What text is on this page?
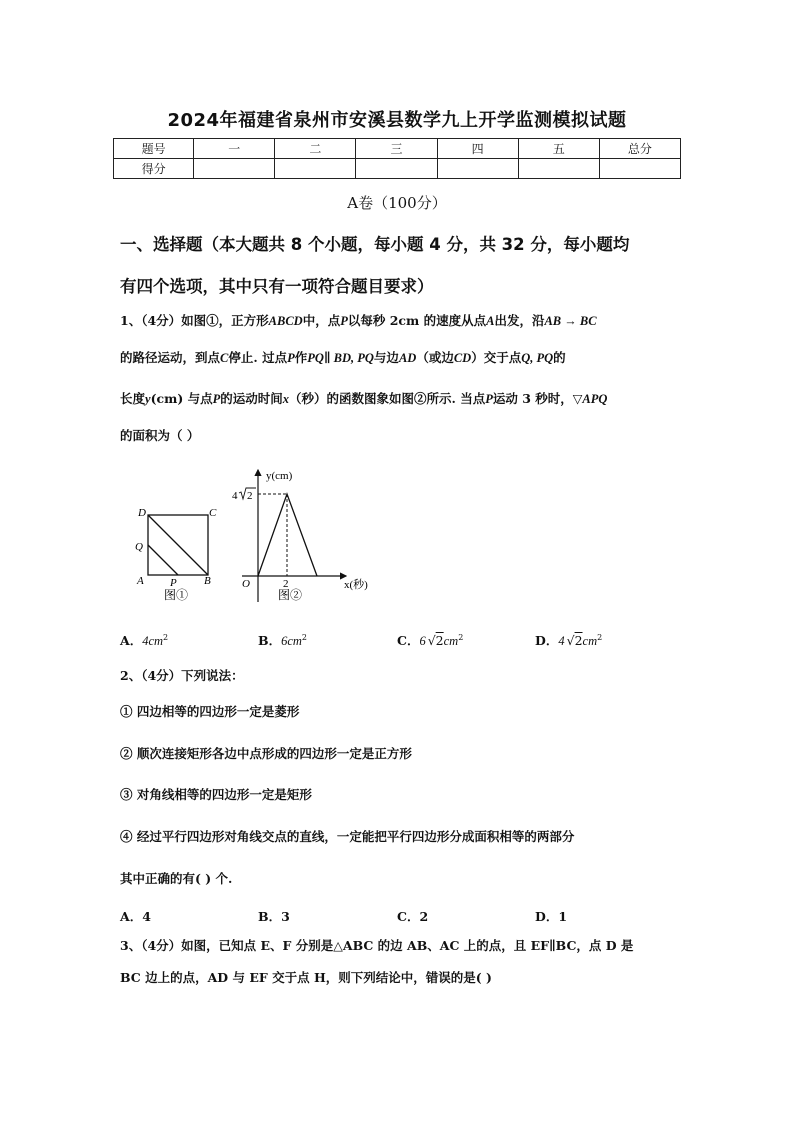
2024年福建省泉州市安溪县数学九上开学监测模拟试题
题号	一	二	三	四	五	总分
得分						
A卷（100分）
一、选择题（本大题共 8 个小题，每小题 4 分，共 32 分，每小题均
有四个选项，其中只有一项符合题目要求）
1、（4分）如图①，正方形ABCD中，点P以每秒 2cm 的速度从点A出发，沿AB → BC
的路径运动，到点C停止. 过点P作PQ∥ BD, PQ与边AD（或边CD）交于点Q, PQ的
长度y(cm) 与点P的运动时间x（秒）的函数图象如图②所示. 当点P运动 3 秒时，▽APQ
的面积为（ ）
D	C
Q
A P B
图①
y(cm)
4 2
O	2	x(秒)
图②
A．$4cm^2$	B．$6cm^2$	C．6 $√2cm^2$	D．4 $√2cm^2$
2、（4分）下列说法：
① 四边相等的四边形一定是菱形
② 顺次连接矩形各边中点形成的四边形一定是正方形
③ 对角线相等的四边形一定是矩形
④ 经过平行四边形对角线交点的直线，一定能把平行四边形分成面积相等的两部分
其中正确的有( ) 个.
A．4	B．3	C．2	D．1
3、（4分）如图，已知点 E、F 分别是△ABC 的边 AB、AC 上的点，且 EF∥BC，点 D 是
BC 边上的点，AD 与 EF 交于点 H，则下列结论中，错误的是( )
